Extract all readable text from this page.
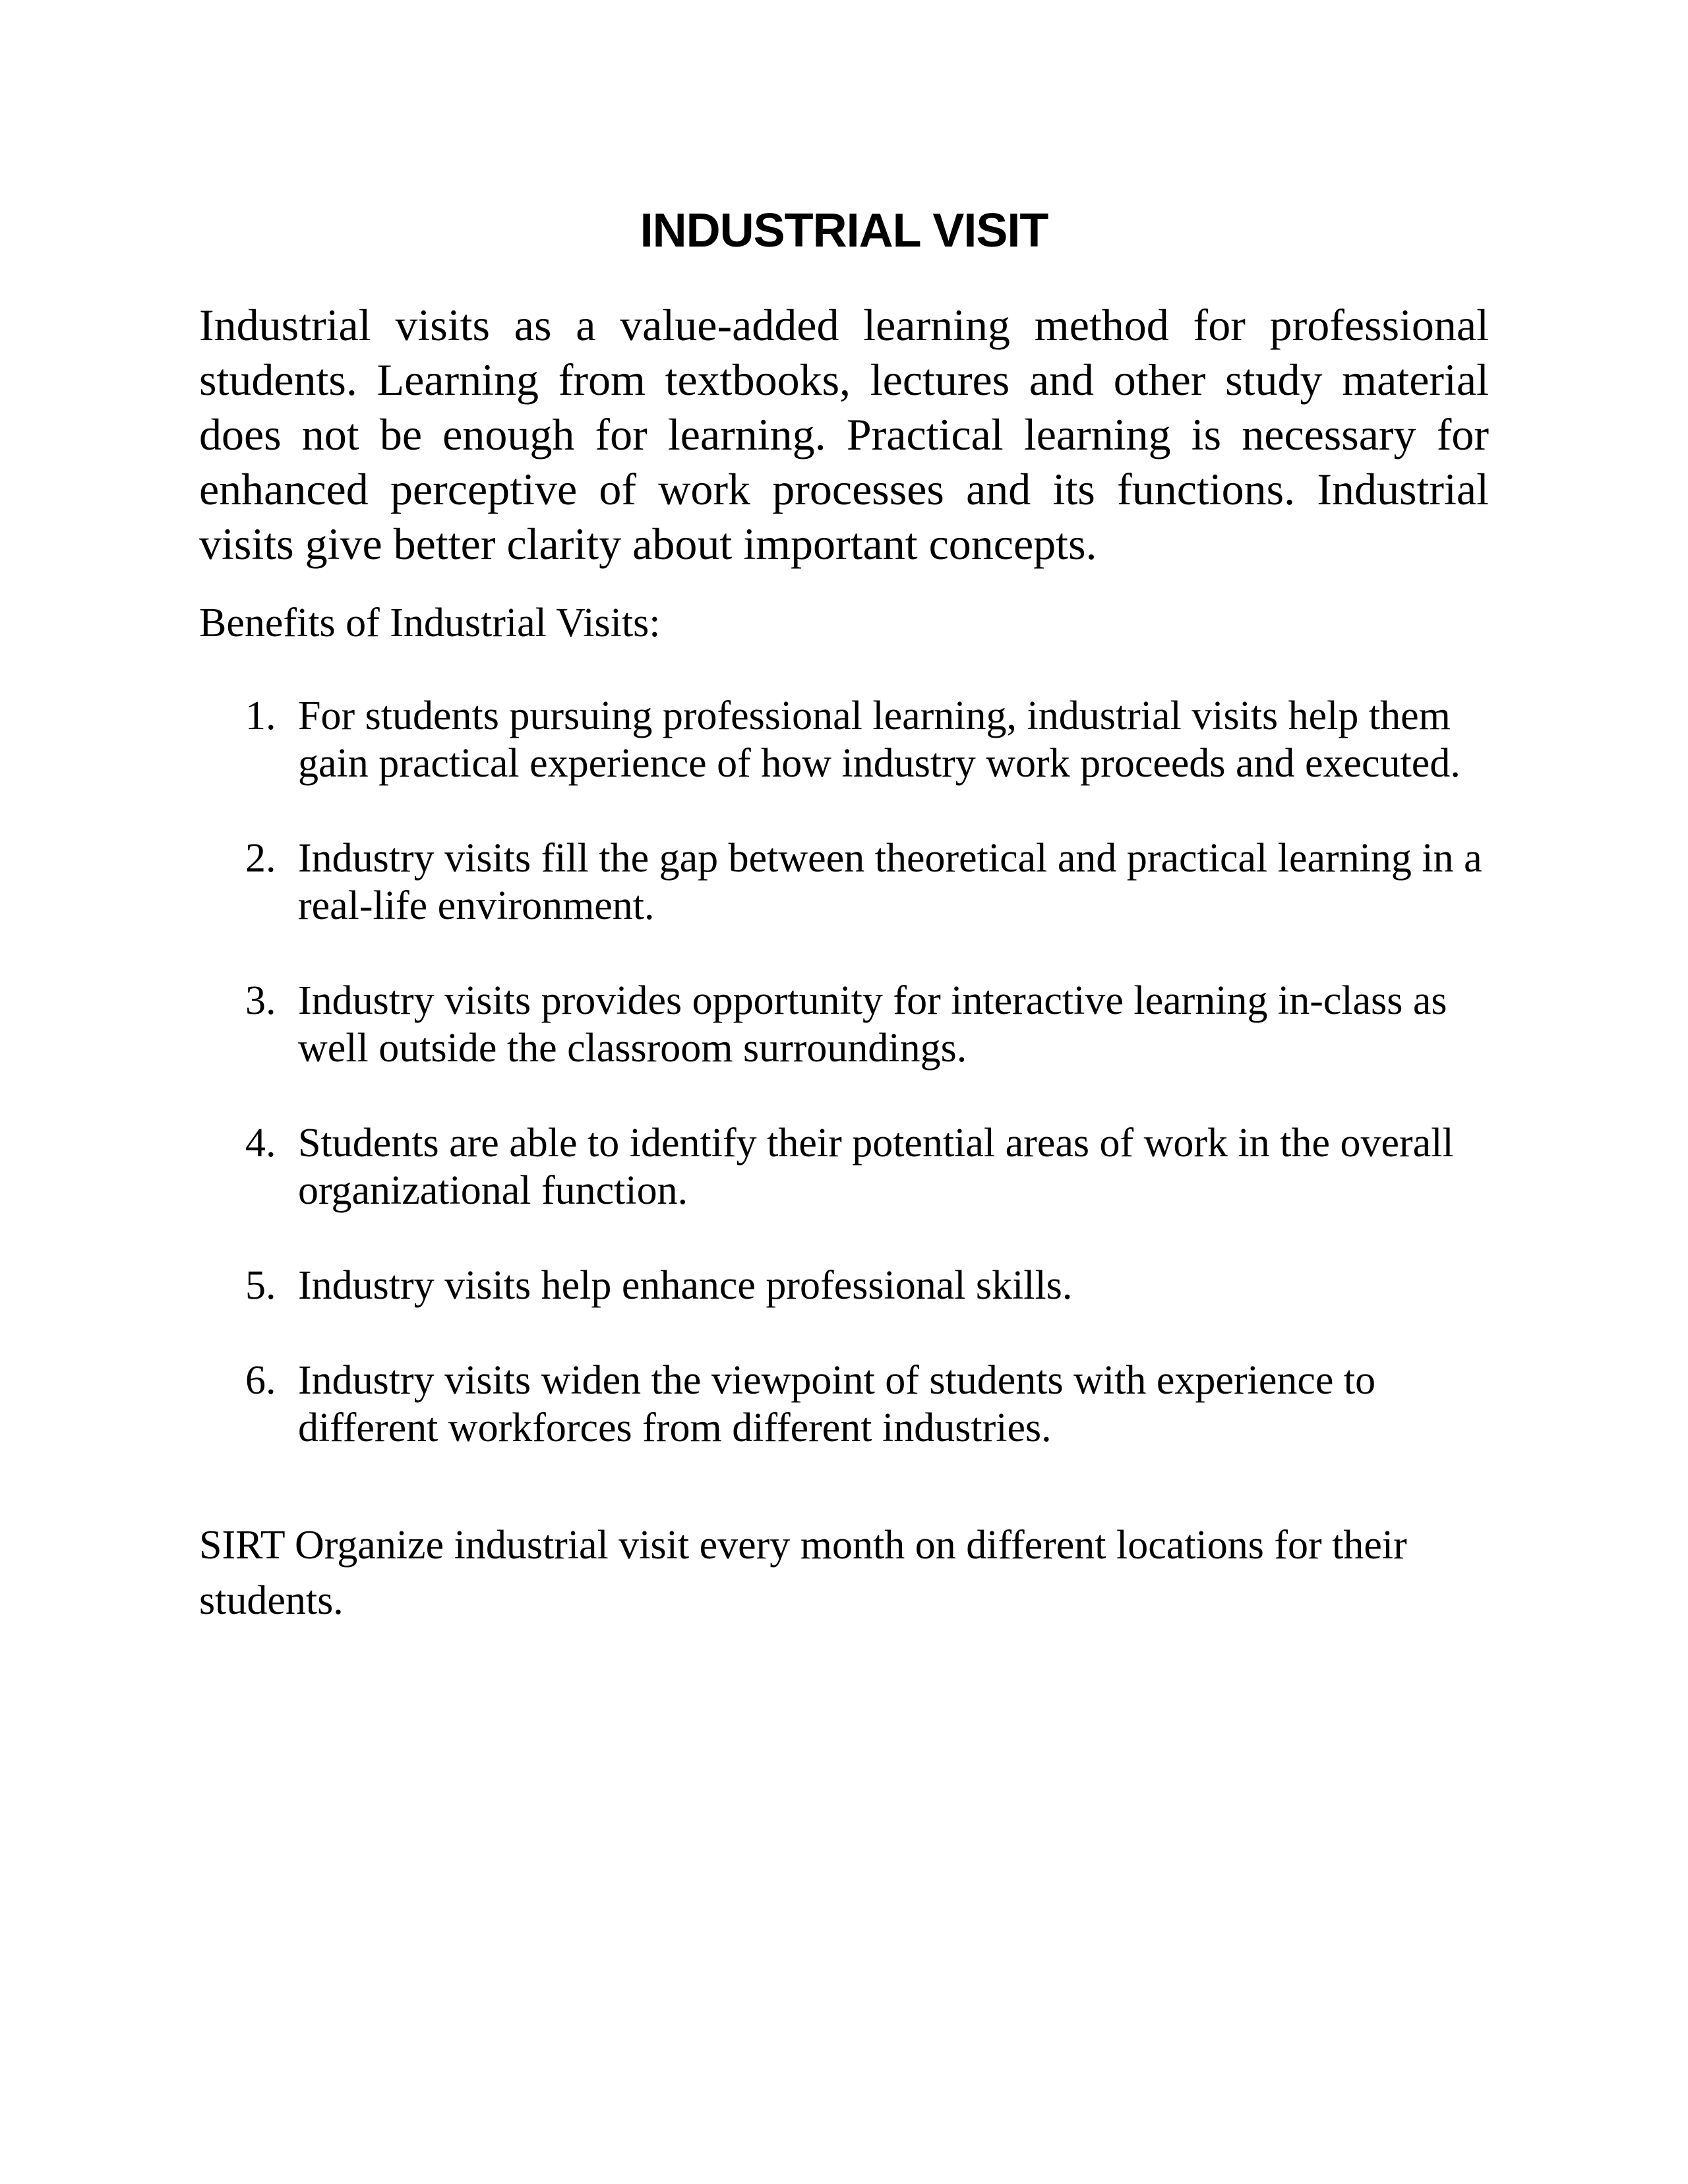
INDUSTRIAL VISIT

Industrial visits as a value-added learning method for professional students. Learning from textbooks, lectures and other study material does not be enough for learning. Practical learning is necessary for enhanced perceptive of work processes and its functions. Industrial visits give better clarity about important concepts.

Benefits of Industrial Visits:

1. For students pursuing professional learning, industrial visits help them gain practical experience of how industry work proceeds and executed.
2. Industry visits fill the gap between theoretical and practical learning in a real-life environment.
3. Industry visits provides opportunity for interactive learning in-class as well outside the classroom surroundings.
4. Students are able to identify their potential areas of work in the overall organizational function.
5. Industry visits help enhance professional skills.
6. Industry visits widen the viewpoint of students with experience to different workforces from different industries.

SIRT Organize industrial visit every month on different locations for their students.
